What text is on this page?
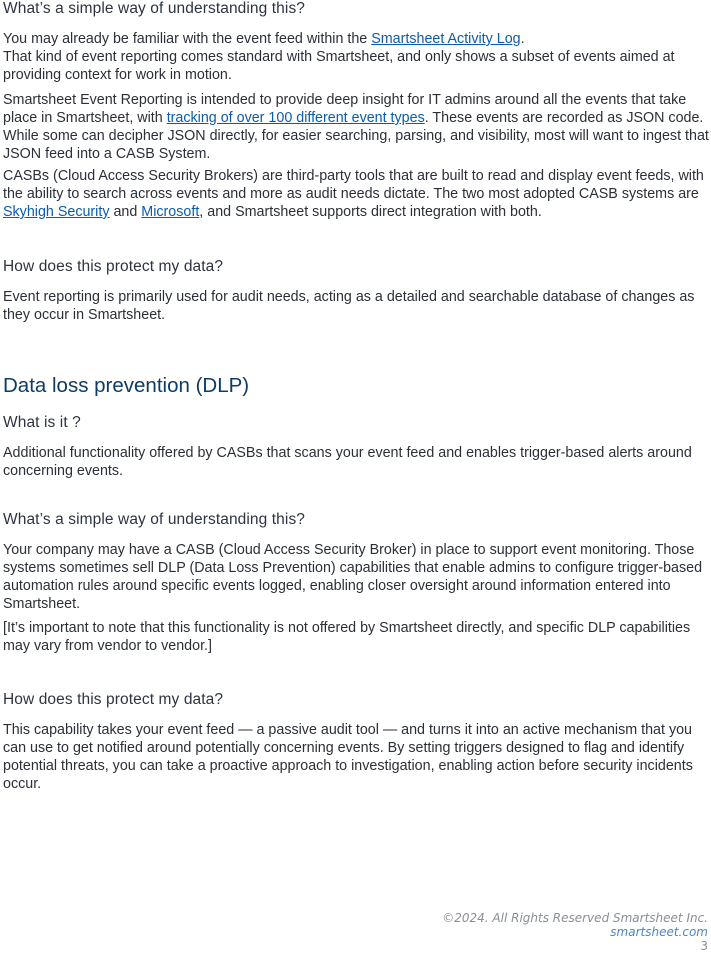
What’s a simple way of understanding this?

You may already be familiar with the event feed within the Smartsheet Activity Log.
That kind of event reporting comes standard with Smartsheet, and only shows a subset of events aimed at providing context for work in motion.

Smartsheet Event Reporting is intended to provide deep insight for IT admins around all the events that take place in Smartsheet, with tracking of over 100 different event types. These events are recorded as JSON code. While some can decipher JSON directly, for easier searching, parsing, and visibility, most will want to ingest that JSON feed into a CASB System.

CASBs (Cloud Access Security Brokers) are third-party tools that are built to read and display event feeds, with the ability to search across events and more as audit needs dictate. The two most adopted CASB systems are Skyhigh Security and Microsoft, and Smartsheet supports direct integration with both.

How does this protect my data?

Event reporting is primarily used for audit needs, acting as a detailed and searchable database of changes as they occur in Smartsheet.

Data loss prevention (DLP)
What is it ?

Additional functionality offered by CASBs that scans your event feed and enables trigger-based alerts around concerning events.

What’s a simple way of understanding this?

Your company may have a CASB (Cloud Access Security Broker) in place to support event monitoring. Those systems sometimes sell DLP (Data Loss Prevention) capabilities that enable admins to configure trigger-based automation rules around specific events logged, enabling closer oversight around information entered into Smartsheet.

[It’s important to note that this functionality is not offered by Smartsheet directly, and specific DLP capabilities may vary from vendor to vendor.]

How does this protect my data?

This capability takes your event feed — a passive audit tool — and turns it into an active mechanism that you can use to get notified around potentially concerning events. By setting triggers designed to flag and identify potential threats, you can take a proactive approach to investigation, enabling action before security incidents occur.

©2024. All Rights Reserved Smartsheet Inc.
smartsheet.com
3
